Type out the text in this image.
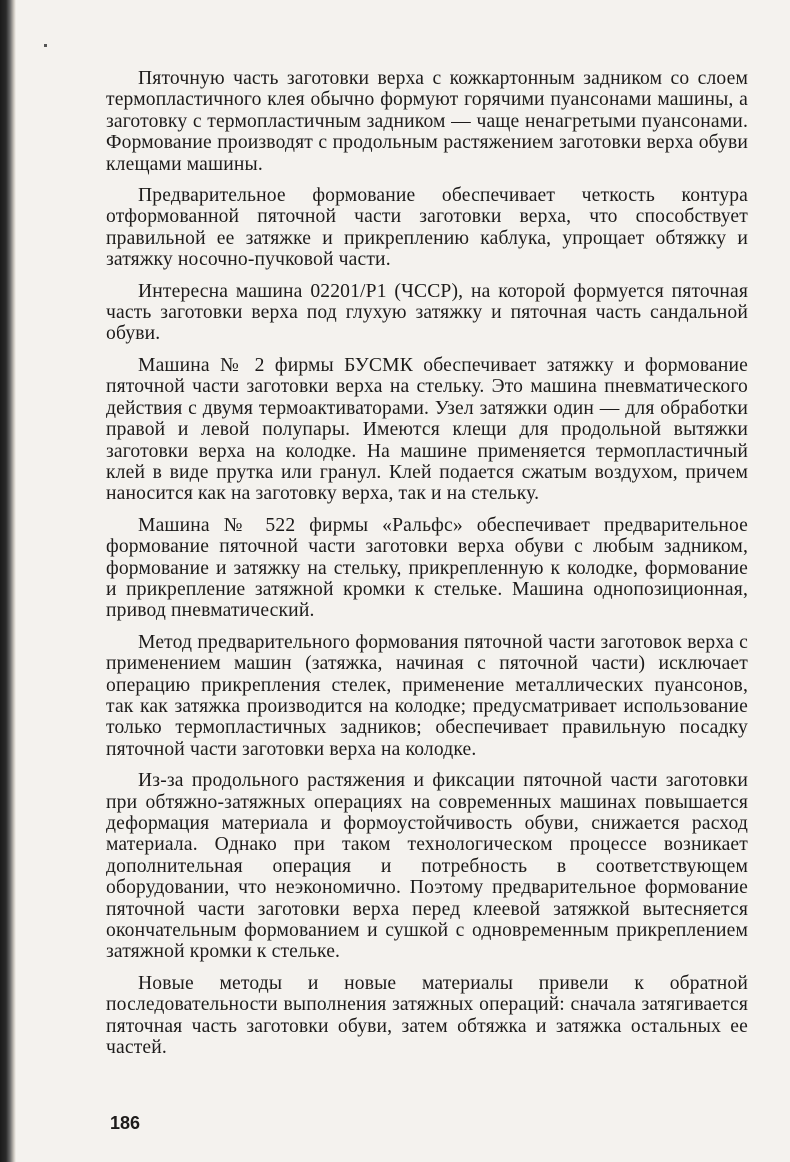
Пяточную часть заготовки верха с кожкартонным задником со слоем термопластичного клея обычно формуют горячими пуансонами машины, а заготовку с термопластичным задником — чаще ненагретыми пуансонами. Формование производят с продольным растяжением заготовки верха обуви клещами машины.

Предварительное формование обеспечивает четкость контура отформованной пяточной части заготовки верха, что способствует правильной ее затяжке и прикреплению каблука, упрощает обтяжку и затяжку носочно-пучковой части.

Интересна машина 02201/Р1 (ЧССР), на которой формуется пяточная часть заготовки верха под глухую затяжку и пяточная часть сандальной обуви.

Машина № 2 фирмы БУСМК обеспечивает затяжку и формование пяточной части заготовки верха на стельку. Это машина пневматического действия с двумя термоактиваторами. Узел затяжки один — для обработки правой и левой полупары. Имеются клещи для продольной вытяжки заготовки верха на колодке. На машине применяется термопластичный клей в виде прутка или гранул. Клей подается сжатым воздухом, причем наносится как на заготовку верха, так и на стельку.

Машина № 522 фирмы «Ральфс» обеспечивает предварительное формование пяточной части заготовки верха обуви с любым задником, формование и затяжку на стельку, прикрепленную к колодке, формование и прикрепление затяжной кромки к стельке. Машина однопозиционная, привод пневматический.

Метод предварительного формования пяточной части заготовок верха с применением машин (затяжка, начиная с пяточной части) исключает операцию прикрепления стелек, применение металлических пуансонов, так как затяжка производится на колодке; предусматривает использование только термопластичных задников; обеспечивает правильную посадку пяточной части заготовки верха на колодке.

Из-за продольного растяжения и фиксации пяточной части заготовки при обтяжно-затяжных операциях на современных машинах повышается деформация материала и формоустойчивость обуви, снижается расход материала. Однако при таком технологическом процессе возникает дополнительная операция и потребность в соответствующем оборудовании, что неэкономично. Поэтому предварительное формование пяточной части заготовки верха перед клеевой затяжкой вытесняется окончательным формованием и сушкой с одновременным прикреплением затяжной кромки к стельке.

Новые методы и новые материалы привели к обратной последовательности выполнения затяжных операций: сначала затягивается пяточная часть заготовки обуви, затем обтяжка и затяжка остальных ее частей.

186
